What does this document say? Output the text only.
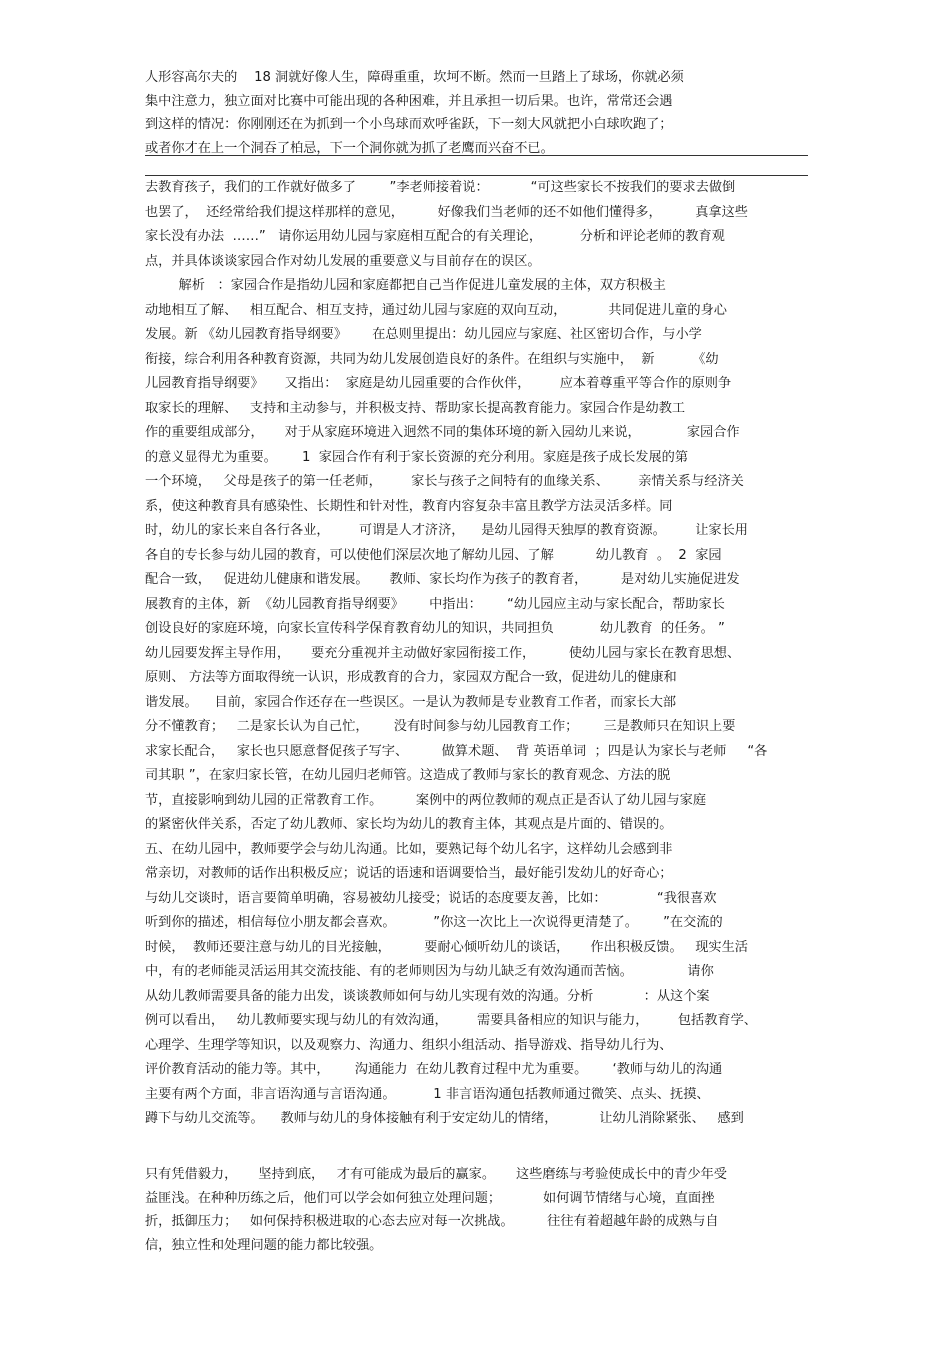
人形容高尔夫的    18 洞就好像人生，障碍重重，坎坷不断。然而一旦踏上了球场，你就必须
集中注意力，独立面对比赛中可能出现的各种困难，并且承担一切后果。也许，常常还会遇
到这样的情况：你刚刚还在为抓到一个小鸟球而欢呼雀跃，下一刻大风就把小白球吹跑了；
或者你才在上一个洞吞了柏忌，下一个洞你就为抓了老鹰而兴奋不已。
去教育孩子，我们的工作就好做多了        ”李老师接着说：          “可这些家长不按我们的要求去做倒
也罢了，  还经常给我们提这样那样的意见，        好像我们当老师的还不如他们懂得多，        真拿这些
家长没有办法  ……”   请你运用幼儿园与家庭相互配合的有关理论，         分析和评论老师的教育观
点，并具体谈谈家园合作对幼儿发展的重要意义与目前存在的误区。
解析   ：家园合作是指幼儿园和家庭都把自己当作促进儿童发展的主体，双方积极主
动地相互了解、   相互配合、相互支持，通过幼儿园与家庭的双向互动，          共同促进儿童的身心
发展。新 《幼儿园教育指导纲要》      在总则里提出：幼儿园应与家庭、社区密切合作，与小学
衔接，综合利用各种教育资源，共同为幼儿发展创造良好的条件。在组织与实施中，  新         《幼
儿园教育指导纲要》     又指出：  家庭是幼儿园重要的合作伙伴，       应本着尊重平等合作的原则争
取家长的理解、   支持和主动参与，并积极支持、帮助家长提高教育能力。家园合作是幼教工
作的重要组成部分，     对于从家庭环境进入迥然不同的集体环境的新入园幼儿来说，           家园合作
的意义显得尤为重要。      1  家园合作有利于家长资源的充分利用。家庭是孩子成长发展的第
一个环境，   父母是孩子的第一任老师，       家长与孩子之间特有的血缘关系、       亲情关系与经济关
系，使这种教育具有感染性、长期性和针对性，教育内容复杂丰富且教学方法灵活多样。同
时，幼儿的家长来自各行各业，       可谓是人才济济，    是幼儿园得天独厚的教育资源。       让家长用
各自的专长参与幼儿园的教育，可以使他们深层次地了解幼儿园、了解          幼儿教育  。  2  家园
配合一致，   促进幼儿健康和谐发展。     教师、家长均作为孩子的教育者，        是对幼儿实施促进发
展教育的主体，新  《幼儿园教育指导纲要》      中指出：      “幼儿园应主动与家长配合，帮助家长
创设良好的家庭环境，向家长宣传科学保育教育幼儿的知识，共同担负           幼儿教育  的任务。 ”
幼儿园要发挥主导作用，     要充分重视并主动做好家园衔接工作，        使幼儿园与家长在教育思想、
原则、 方法等方面取得统一认识，形成教育的合力，家园双方配合一致，促进幼儿的健康和
谐发展。    目前，家园合作还存在一些误区。一是认为教师是专业教育工作者，而家长大部
分不懂教育；   二是家长认为自己忙，      没有时间参与幼儿园教育工作；      三是教师只在知识上要
求家长配合，   家长也只愿意督促孩子写字、        做算术题、  背 英语单词  ；四是认为家长与老师     “各
司其职 ”，在家归家长管，在幼儿园归老师管。这造成了教师与家长的教育观念、方法的脱
节，直接影响到幼儿园的正常教育工作。        案例中的两位教师的观点正是否认了幼儿园与家庭
的紧密伙伴关系，否定了幼儿教师、家长均为幼儿的教育主体，其观点是片面的、错误的。
五、在幼儿园中，教师要学会与幼儿沟通。比如，要熟记每个幼儿名字，这样幼儿会感到非
常亲切，对教师的话作出积极反应；说话的语速和语调要恰当，最好能引发幼儿的好奇心；
与幼儿交谈时，语言要简单明确，容易被幼儿接受；说话的态度要友善，比如：            “我很喜欢
听到你的描述，相信每位小朋友都会喜欢。         ”你这一次比上一次说得更清楚了。      ”在交流的
时候，  教师还要注意与幼儿的目光接触，        要耐心倾听幼儿的谈话，     作出积极反馈。   现实生活
中，有的老师能灵活运用其交流技能、有的老师则因为与幼儿缺乏有效沟通而苦恼。             请你
从幼儿教师需要具备的能力出发，谈谈教师如何与幼儿实现有效的沟通。分析            ：从这个案
例可以看出，   幼儿教师要实现与幼儿的有效沟通，       需要具备相应的知识与能力，       包括教育学、
心理学、生理学等知识，以及观察力、沟通力、组织小组活动、指导游戏、指导幼儿行为、
评价教育活动的能力等。其中，      沟通能力  在幼儿教育过程中尤为重要。      ‘教师与幼儿的沟通
主要有两个方面，非言语沟通与言语沟通。         1 非言语沟通包括教师通过微笑、点头、抚摸、
蹲下与幼儿交流等。    教师与幼儿的身体接触有利于安定幼儿的情绪，          让幼儿消除紧张、   感到
只有凭借毅力，     坚持到底，   才有可能成为最后的赢家。     这些磨练与考验使成长中的青少年受
益匪浅。在种种历练之后，他们可以学会如何独立处理问题；          如何调节情绪与心境，直面挫
折，抵御压力；   如何保持积极进取的心态去应对每一次挑战。        往往有着超越年龄的成熟与自
信，独立性和处理问题的能力都比较强。
